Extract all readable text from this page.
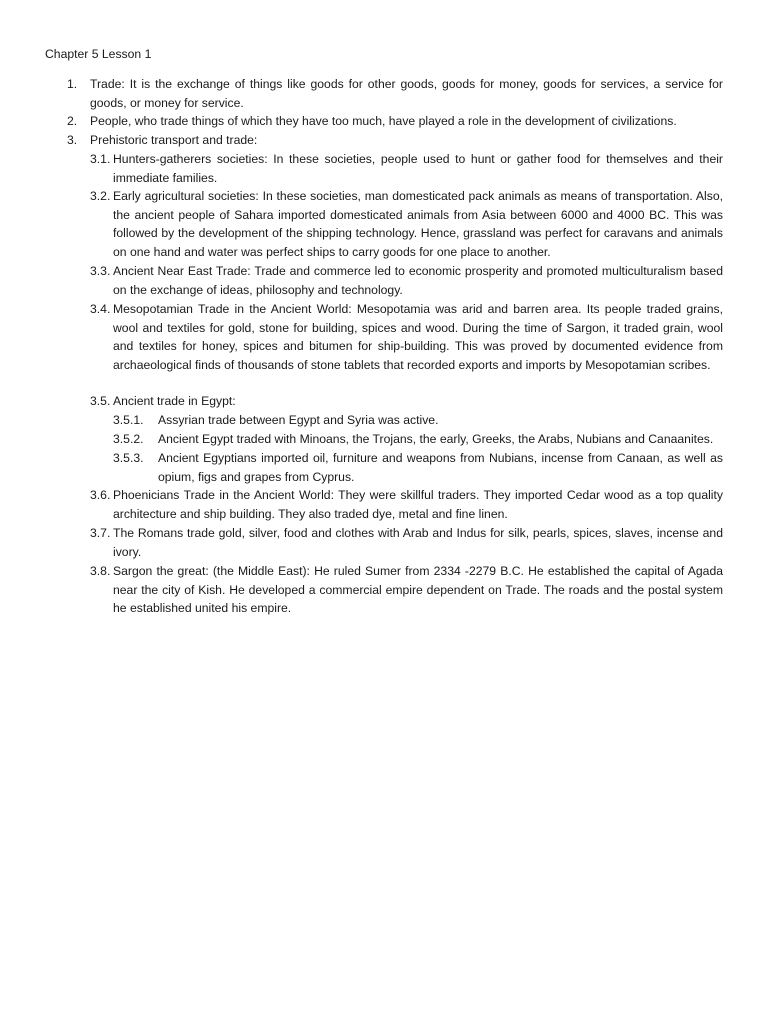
Chapter 5 Lesson 1
1. Trade: It is the exchange of things like goods for other goods, goods for money, goods for services, a service for goods, or money for service.
2. People, who trade things of which they have too much, have played a role in the development of civilizations.
3. Prehistoric transport and trade:
3.1. Hunters-gatherers societies: In these societies, people used to hunt or gather food for themselves and their immediate families.
3.2. Early agricultural societies: In these societies, man domesticated pack animals as means of transportation. Also, the ancient people of Sahara imported domesticated animals from Asia between 6000 and 4000 BC. This was followed by the development of the shipping technology. Hence, grassland was perfect for caravans and animals on one hand and water was perfect ships to carry goods for one place to another.
3.3. Ancient Near East Trade: Trade and commerce led to economic prosperity and promoted multiculturalism based on the exchange of ideas, philosophy and technology.
3.4. Mesopotamian Trade in the Ancient World: Mesopotamia was arid and barren area. Its people traded grains, wool and textiles for gold, stone for building, spices and wood. During the time of Sargon, it traded grain, wool and textiles for honey, spices and bitumen for ship-building. This was proved by documented evidence from archaeological finds of thousands of stone tablets that recorded exports and imports by Mesopotamian scribes.
3.5. Ancient trade in Egypt:
3.5.1. Assyrian trade between Egypt and Syria was active.
3.5.2. Ancient Egypt traded with Minoans, the Trojans, the early, Greeks, the Arabs, Nubians and Canaanites.
3.5.3. Ancient Egyptians imported oil, furniture and weapons from Nubians, incense from Canaan, as well as opium, figs and grapes from Cyprus.
3.6. Phoenicians Trade in the Ancient World: They were skillful traders. They imported Cedar wood as a top quality architecture and ship building. They also traded dye, metal and fine linen.
3.7. The Romans trade gold, silver, food and clothes with Arab and Indus for silk, pearls, spices, slaves, incense and ivory.
3.8. Sargon the great: (the Middle East): He ruled Sumer from 2334 -2279 B.C. He established the capital of Agada near the city of Kish. He developed a commercial empire dependent on Trade. The roads and the postal system he established united his empire.
